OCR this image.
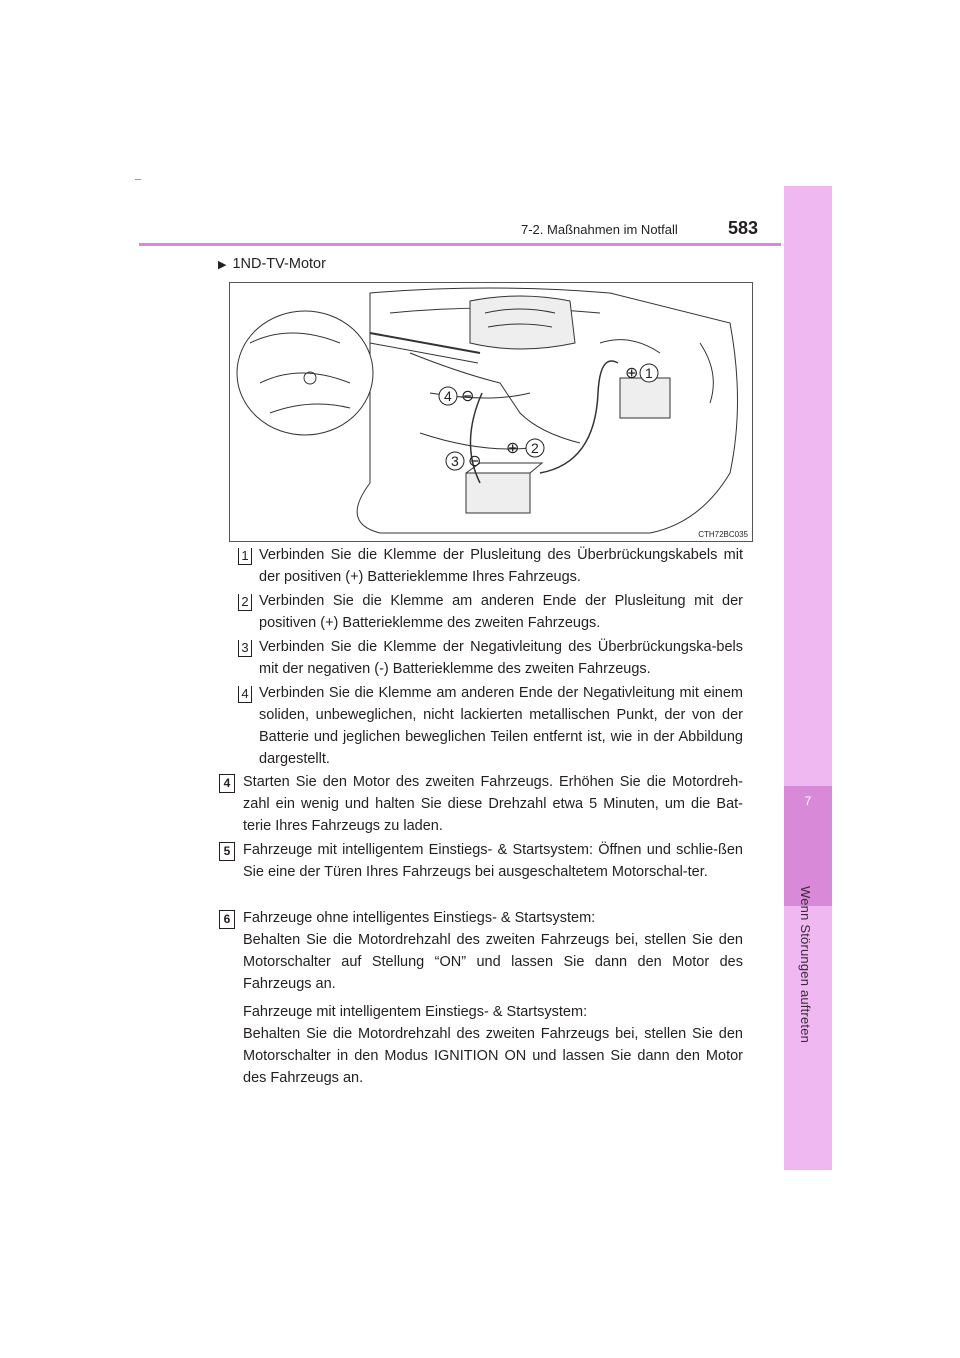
7
Wenn Störungen auftreten
7-2. Maßnahmen im Notfall	583
▶ 1ND-TV-Motor
1
2
3
4
⊕
⊕
⊖
⊖
CTH72BC035
1 Verbinden Sie die Klemme der Plusleitung des Überbrückungskabels mit der positiven (+) Batterieklemme Ihres Fahrzeugs.
2 Verbinden Sie die Klemme am anderen Ende der Plusleitung mit der positiven (+) Batterieklemme des zweiten Fahrzeugs.
3 Verbinden Sie die Klemme der Negativleitung des Überbrückungska-bels mit der negativen (-) Batterieklemme des zweiten Fahrzeugs.
4 Verbinden Sie die Klemme am anderen Ende der Negativleitung mit einem soliden, unbeweglichen, nicht lackierten metallischen Punkt, der von der Batterie und jeglichen beweglichen Teilen entfernt ist, wie in der Abbildung dargestellt.
4 Starten Sie den Motor des zweiten Fahrzeugs. Erhöhen Sie die Motordreh-zahl ein wenig und halten Sie diese Drehzahl etwa 5 Minuten, um die Bat-terie Ihres Fahrzeugs zu laden.

5 Fahrzeuge mit intelligentem Einstiegs- & Startsystem: Öffnen und schlie-ßen Sie eine der Türen Ihres Fahrzeugs bei ausgeschaltetem Motorschal-ter.

6 Fahrzeuge ohne intelligentes Einstiegs- & Startsystem:

Behalten Sie die Motordrehzahl des zweiten Fahrzeugs bei, stellen Sie den Motorschalter auf Stellung “ON” und lassen Sie dann den Motor des Fahrzeugs an.

Fahrzeuge mit intelligentem Einstiegs- & Startsystem:

Behalten Sie die Motordrehzahl des zweiten Fahrzeugs bei, stellen Sie den Motorschalter in den Modus IGNITION ON und lassen Sie dann den Motor des Fahrzeugs an.
